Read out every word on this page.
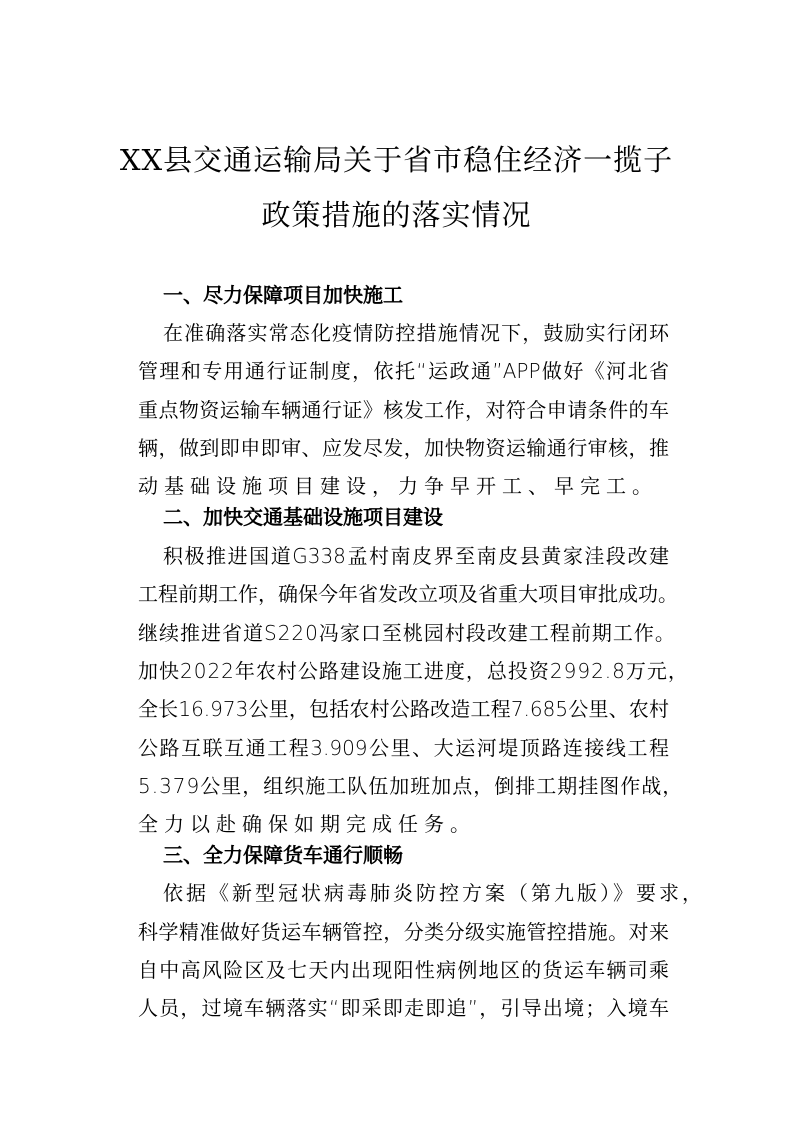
XX县交通运输局关于省市稳住经济一揽子
政策措施的落实情况
一、尽力保障项目加快施工
在准确落实常态化疫情防控措施情况下，鼓励实行闭环
管理和专用通行证制度，依托“运政通”APP做好《河北省
重点物资运输车辆通行证》核发工作，对符合申请条件的车
辆，做到即申即审、应发尽发，加快物资运输通行审核，推
动基础设施项目建设，力争早开工、早完工。
二、加快交通基础设施项目建设
积极推进国道G338孟村南皮界至南皮县黄家洼段改建
工程前期工作，确保今年省发改立项及省重大项目审批成功。
继续推进省道S220冯家口至桃园村段改建工程前期工作。
加快2022年农村公路建设施工进度，总投资2992.8万元，
全长16.973公里，包括农村公路改造工程7.685公里、农村
公路互联互通工程3.909公里、大运河堤顶路连接线工程
5.379公里，组织施工队伍加班加点，倒排工期挂图作战，
全力以赴确保如期完成任务。
三、全力保障货车通行顺畅
依据《新型冠状病毒肺炎防控方案（第九版）》要求，
科学精准做好货运车辆管控，分类分级实施管控措施。对来
自中高风险区及七天内出现阳性病例地区的货运车辆司乘
人员，过境车辆落实“即采即走即追”，引导出境；入境车
